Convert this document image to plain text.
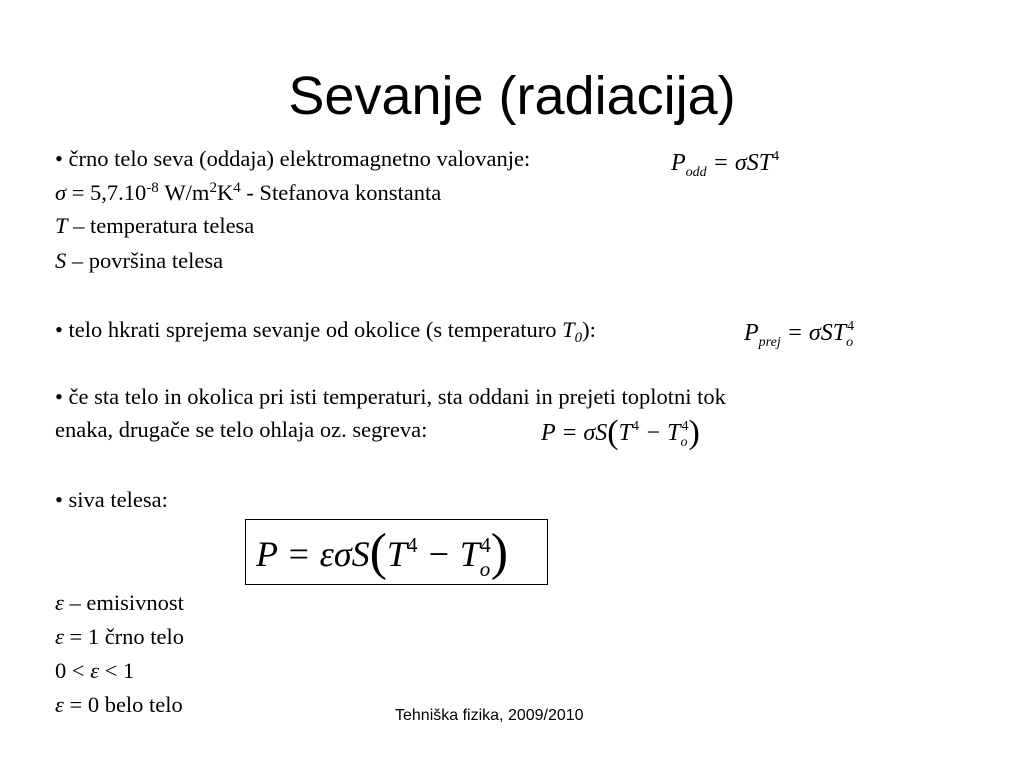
Sevanje (radiacija)
• črno telo seva (oddaja) elektromagnetno valovanje:	$P_{odd} = \sigma ST^4$
$\sigma = 5,7.10^{-8}$ $W/m^2K^4$ - Stefanova konstanta
T – temperatura telesa
S – površina telesa
• telo hkrati sprejema sevanje od okolice (s temperaturo $T_0$):	$P_{prej} = \sigma ST_o^4$
• če sta telo in okolica pri isti temperaturi, sta oddani in prejeti toplotni tok
enaka, drugače se telo ohlaja oz. segreva:	$P = \sigma S(T^4 - T_o^4)$
• siva telesa:
$P = \varepsilon\sigma S(T^4 - T_o^4)$
ε – emisivnost
ε = 1 črno telo
0 < ε < 1
ε = 0 belo telo	Tehniška fizika, 2009/2010
